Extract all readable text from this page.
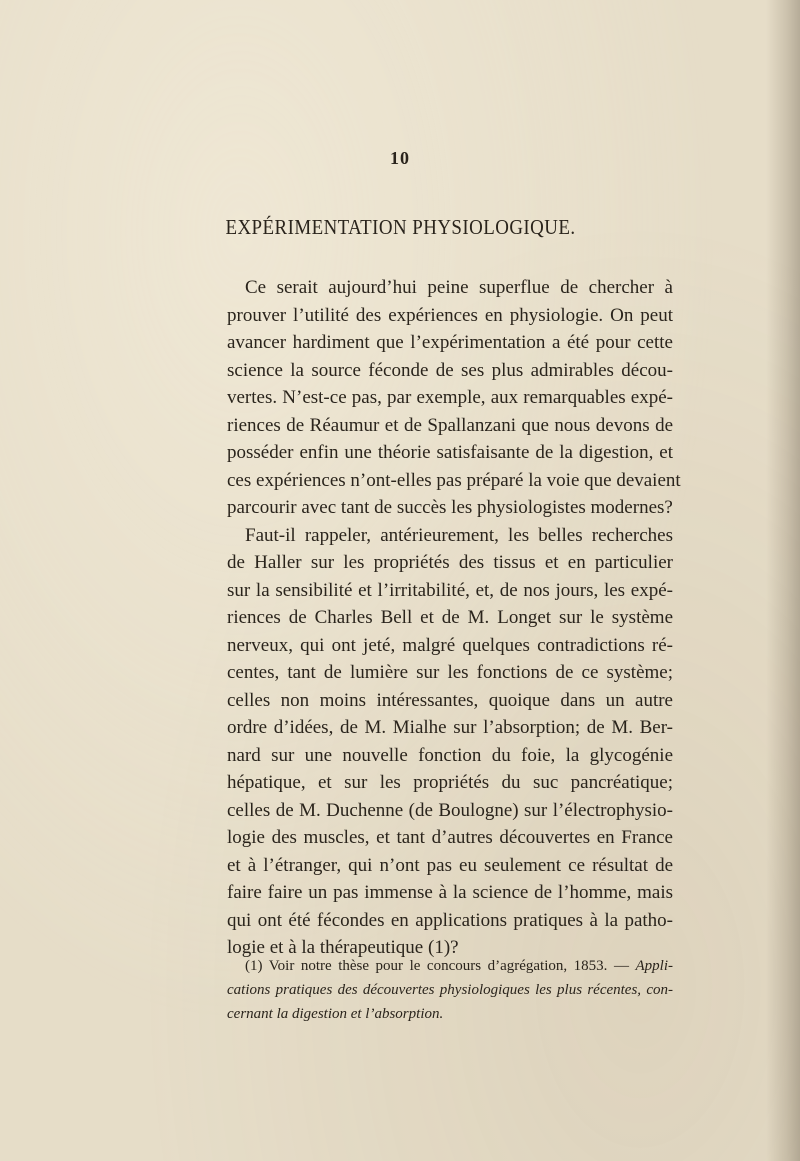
10
EXPÉRIMENTATION PHYSIOLOGIQUE.
Ce serait aujourd’hui peine superflue de chercher à
prouver l’utilité des expériences en physiologie. On peut
avancer hardiment que l’expérimentation a été pour cette
science la source féconde de ses plus admirables décou-
vertes. N’est-ce pas, par exemple, aux remarquables expé-
riences de Réaumur et de Spallanzani que nous devons de
posséder enfin une théorie satisfaisante de la digestion, et
ces expériences n’ont-elles pas préparé la voie que devaient
parcourir avec tant de succès les physiologistes modernes?
Faut-il rappeler, antérieurement, les belles recherches
de Haller sur les propriétés des tissus et en particulier
sur la sensibilité et l’irritabilité, et, de nos jours, les expé-
riences de Charles Bell et de M. Longet sur le système
nerveux, qui ont jeté, malgré quelques contradictions ré-
centes, tant de lumière sur les fonctions de ce système;
celles non moins intéressantes, quoique dans un autre
ordre d’idées, de M. Mialhe sur l’absorption; de M. Ber-
nard sur une nouvelle fonction du foie, la glycogénie
hépatique, et sur les propriétés du suc pancréatique;
celles de M. Duchenne (de Boulogne) sur l’électrophysio-
logie des muscles, et tant d’autres découvertes en France
et à l’étranger, qui n’ont pas eu seulement ce résultat de
faire faire un pas immense à la science de l’homme, mais
qui ont été fécondes en applications pratiques à la patho-
logie et à la thérapeutique (1)?
(1) Voir notre thèse pour le concours d’agrégation, 1853. — Appli-
cations pratiques des découvertes physiologiques les plus récentes, con-
cernant la digestion et l’absorption.
